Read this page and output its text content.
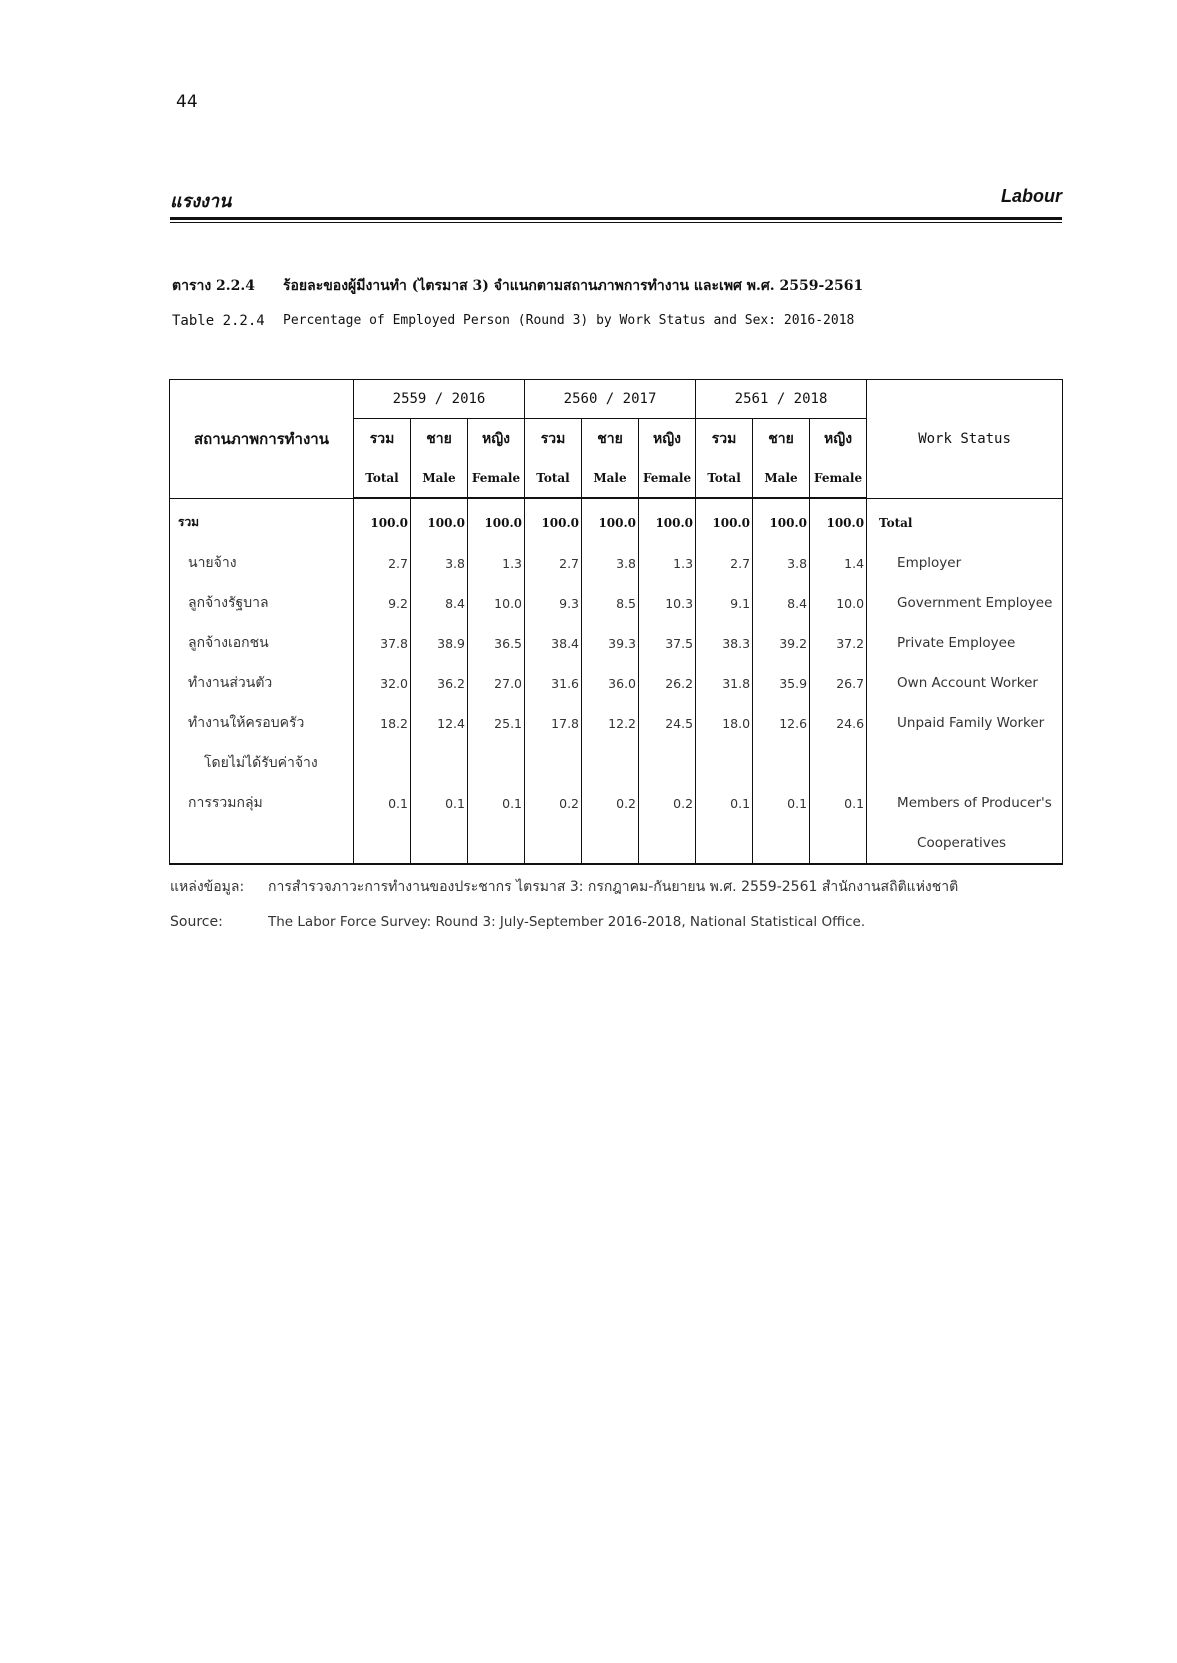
44
แรงงาน	Labour
ตาราง 2.2.4 ร้อยละของผู้มีงานทำ (ไตรมาส 3) จำแนกตามสถานภาพการทำงาน และเพศ พ.ศ. 2559-2561
Table 2.2.4 Percentage of Employed Person (Round 3) by Work Status and Sex: 2016-2018
สถานภาพการทำงาน	2559 / 2016			2560 / 2017			2561 / 2018			Work Status
	รวม	ชาย	หญิง	รวม	ชาย	หญิง	รวม	ชาย	หญิง	
	Total	Male	Female	Total	Male	Female	Total	Male	Female	
รวม	100.0	100.0	100.0	100.0	100.0	100.0	100.0	100.0	100.0	Total
นายจ้าง	2.7	3.8	1.3	2.7	3.8	1.3	2.7	3.8	1.4	Employer
ลูกจ้างรัฐบาล	9.2	8.4	10.0	9.3	8.5	10.3	9.1	8.4	10.0	Government Employee
ลูกจ้างเอกชน	37.8	38.9	36.5	38.4	39.3	37.5	38.3	39.2	37.2	Private Employee
ทำงานส่วนตัว	32.0	36.2	27.0	31.6	36.0	26.2	31.8	35.9	26.7	Own Account Worker
ทำงานให้ครอบครัว	18.2	12.4	25.1	17.8	12.2	24.5	18.0	12.6	24.6	Unpaid Family Worker
โดยไม่ได้รับค่าจ้าง										
การรวมกลุ่ม	0.1	0.1	0.1	0.2	0.2	0.2	0.1	0.1	0.1	Members of Producer's
										Cooperatives
แหล่งข้อมูล: การสำรวจภาวะการทำงานของประชากร ไตรมาส 3: กรกฎาคม-กันยายน พ.ศ. 2559-2561 สำนักงานสถิติแห่งชาติ
Source:	The Labor Force Survey: Round 3: July-September 2016-2018, National Statistical Office.
